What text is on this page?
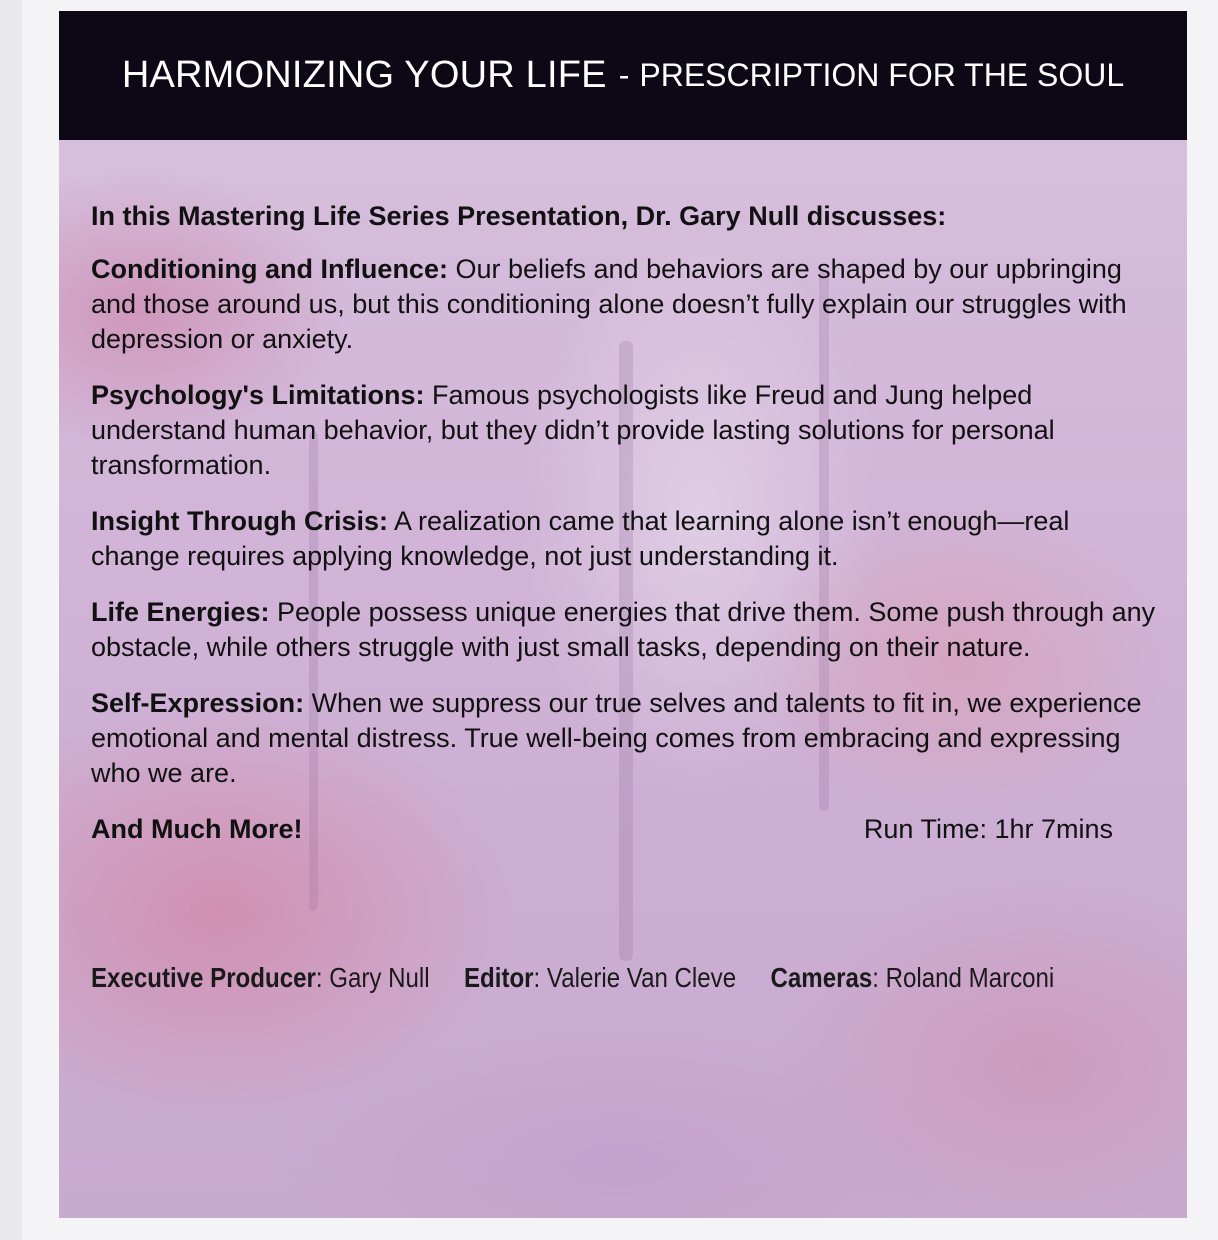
HARMONIZING YOUR LIFE - PRESCRIPTION FOR THE SOUL

In this Mastering Life Series Presentation, Dr. Gary Null discusses:

Conditioning and Influence: Our beliefs and behaviors are shaped by our upbringing and those around us, but this conditioning alone doesn’t fully explain our struggles with depression or anxiety.

Psychology's Limitations: Famous psychologists like Freud and Jung helped understand human behavior, but they didn’t provide lasting solutions for personal transformation.

Insight Through Crisis: A realization came that learning alone isn’t enough—real change requires applying knowledge, not just understanding it.

Life Energies: People possess unique energies that drive them. Some push through any obstacle, while others struggle with just small tasks, depending on their nature.

Self-Expression: When we suppress our true selves and talents to fit in, we experience emotional and mental distress. True well-being comes from embracing and expressing who we are.

And Much More!	Run Time: 1hr 7mins
Executive Producer: Gary Null Editor: Valerie Van Cleve Cameras: Roland Marconi
